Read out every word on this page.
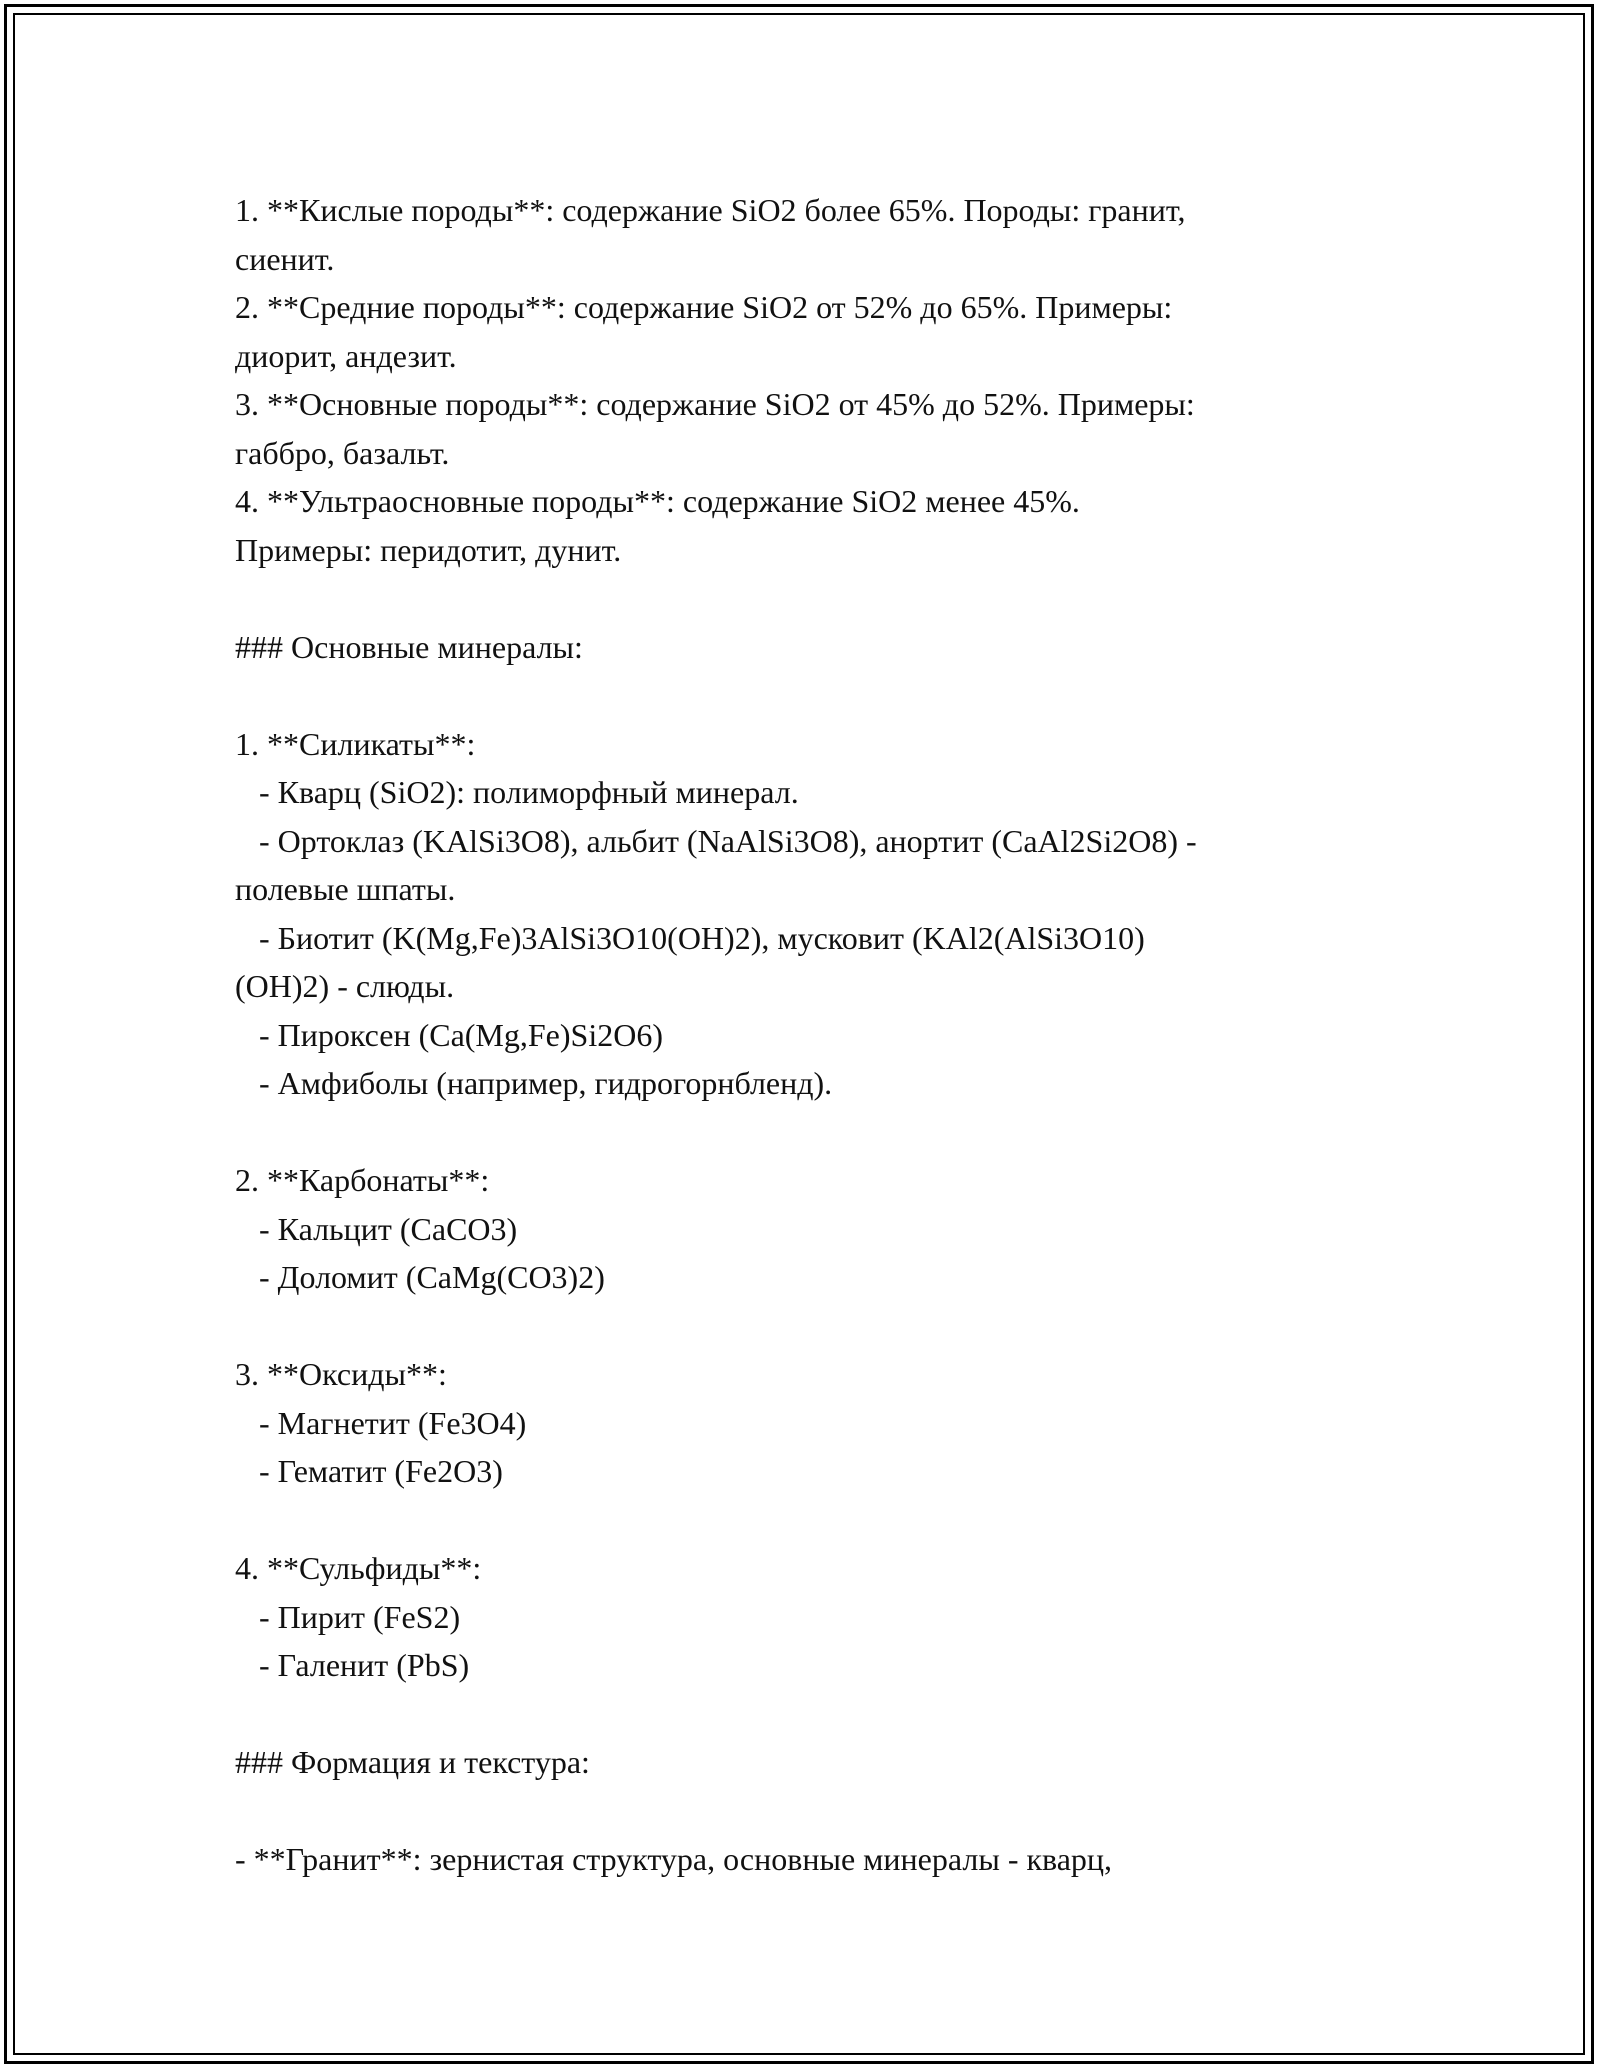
1. **Кислые породы**: содержание SiO2 более 65%. Породы: гранит,
сиенит.
2. **Средние породы**: содержание SiO2 от 52% до 65%. Примеры:
диорит, андезит.
3. **Основные породы**: содержание SiO2 от 45% до 52%. Примеры:
габбро, базальт.
4. **Ультраосновные породы**: содержание SiO2 менее 45%.
Примеры: перидотит, дунит.
### Основные минералы:
1. **Силикаты**:
- Кварц (SiO2): полиморфный минерал.
- Ортоклаз (KAlSi3O8), альбит (NaAlSi3O8), анортит (CaAl2Si2O8) -
полевые шпаты.
- Биотит (K(Mg,Fe)3AlSi3O10(OH)2), мусковит (KAl2(AlSi3O10)
(OH)2) - слюды.
- Пироксен (Ca(Mg,Fe)Si2O6)
- Амфиболы (например, гидрогорнбленд).
2. **Карбонаты**:
- Кальцит (CaCO3)
- Доломит (CaMg(CO3)2)
3. **Оксиды**:
- Магнетит (Fe3O4)
- Гематит (Fe2O3)
4. **Сульфиды**:
- Пирит (FeS2)
- Галенит (PbS)
### Формация и текстура:
- **Гранит**: зернистая структура, основные минералы - кварц,
